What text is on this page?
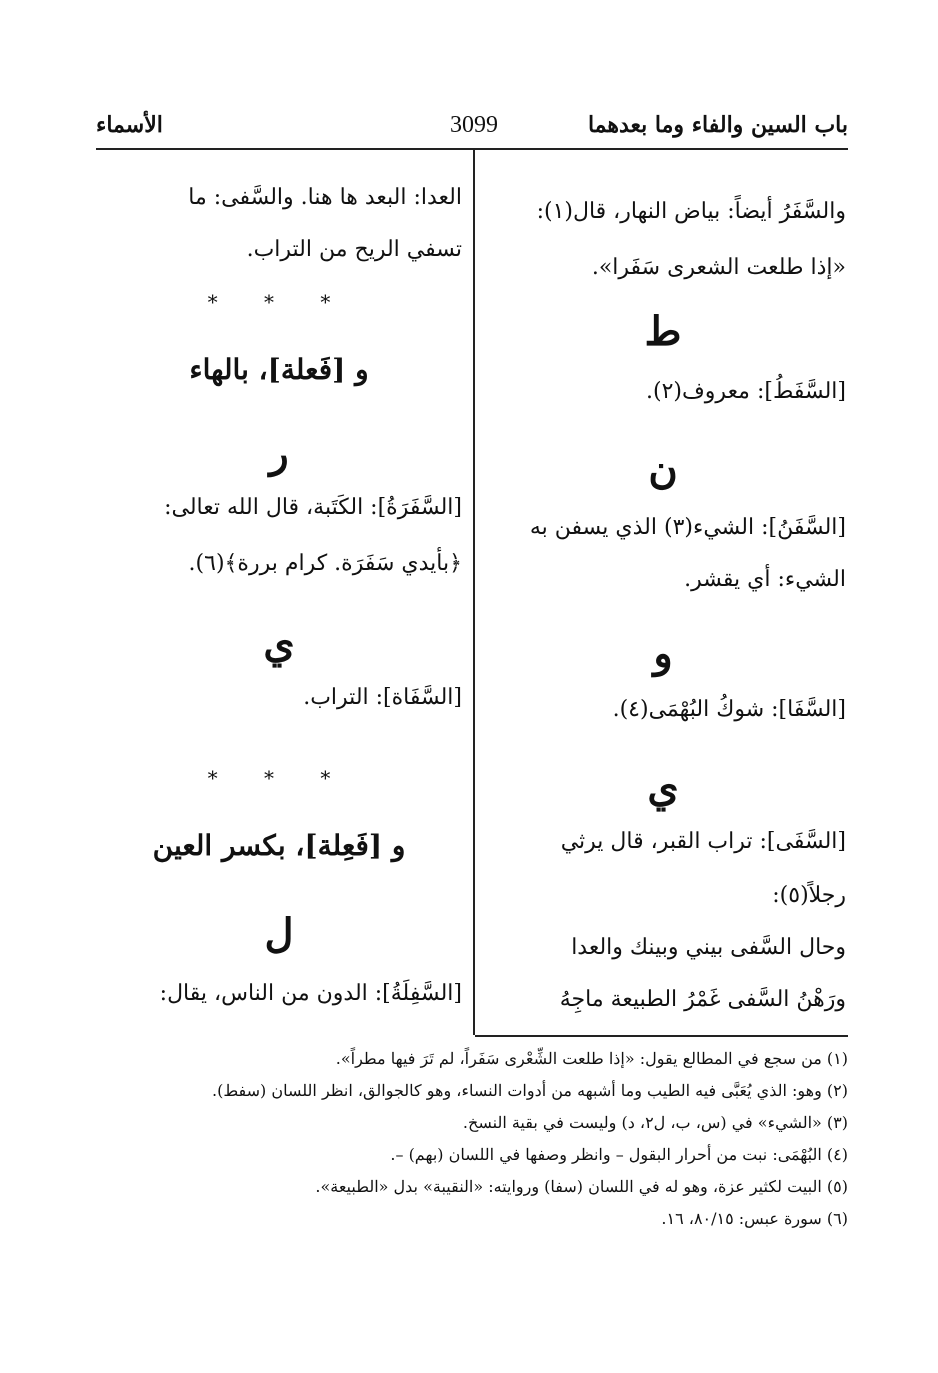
باب السين والفاء وما بعدهما
3099
الأسماء
والسَّفَرُ أيضاً: بياض النهار، قال(١):
«إذا طلعت الشعرى سَفَرا».
ط
[السَّفَطُ]: معروف(٢).
ن
[السَّفَنُ]: الشيء(٣) الذي يسفن به
الشيء: أي يقشر.
و
[السَّفَا]: شوكُ البُهْمَى(٤).
ي
[السَّفَى]: تراب القبر، قال يرثي
رجلاً(٥):
وحال السَّفى بيني وبينك والعدا
ورَهْنُ السَّفى غَمْرُ الطبيعة ماجِهُ
العدا: البعد ها هنا. والسَّفى: ما
تسفي الريح من التراب.
* * *
و [فَعلة]، بالهاء
ر
[السَّفَرَةُ]: الكَتَبة، قال الله تعالى:
﴿بأيدي سَفَرَة. كرام بررة﴾(٦).
ي
[السَّفَاة]: التراب.
* * *
و [فَعِلة]، بكسر العين
ل
[السَّفِلَةُ]: الدون من الناس، يقال:
(١) من سجع في المطالع يقول: «إذا طلعت الشِّعْرى سَفَراً، لم تَرَ فيها مطراً».
(٢) وهو: الذي يُعَبَّى فيه الطيب وما أشبهه من أدوات النساء، وهو كالجوالق، انظر اللسان (سفط).
(٣) «الشيء» في (س، ب، ل٢، د) وليست في بقية النسخ.
(٤) البُهْمَى: نبت من أحرار البقول – وانظر وصفها في اللسان (بهم) –.
(٥) البيت لكثير عزة، وهو له في اللسان (سفا) وروايته: «النقيبة» بدل «الطبيعة».
(٦) سورة عبس: ٨٠/١٥، ١٦.
